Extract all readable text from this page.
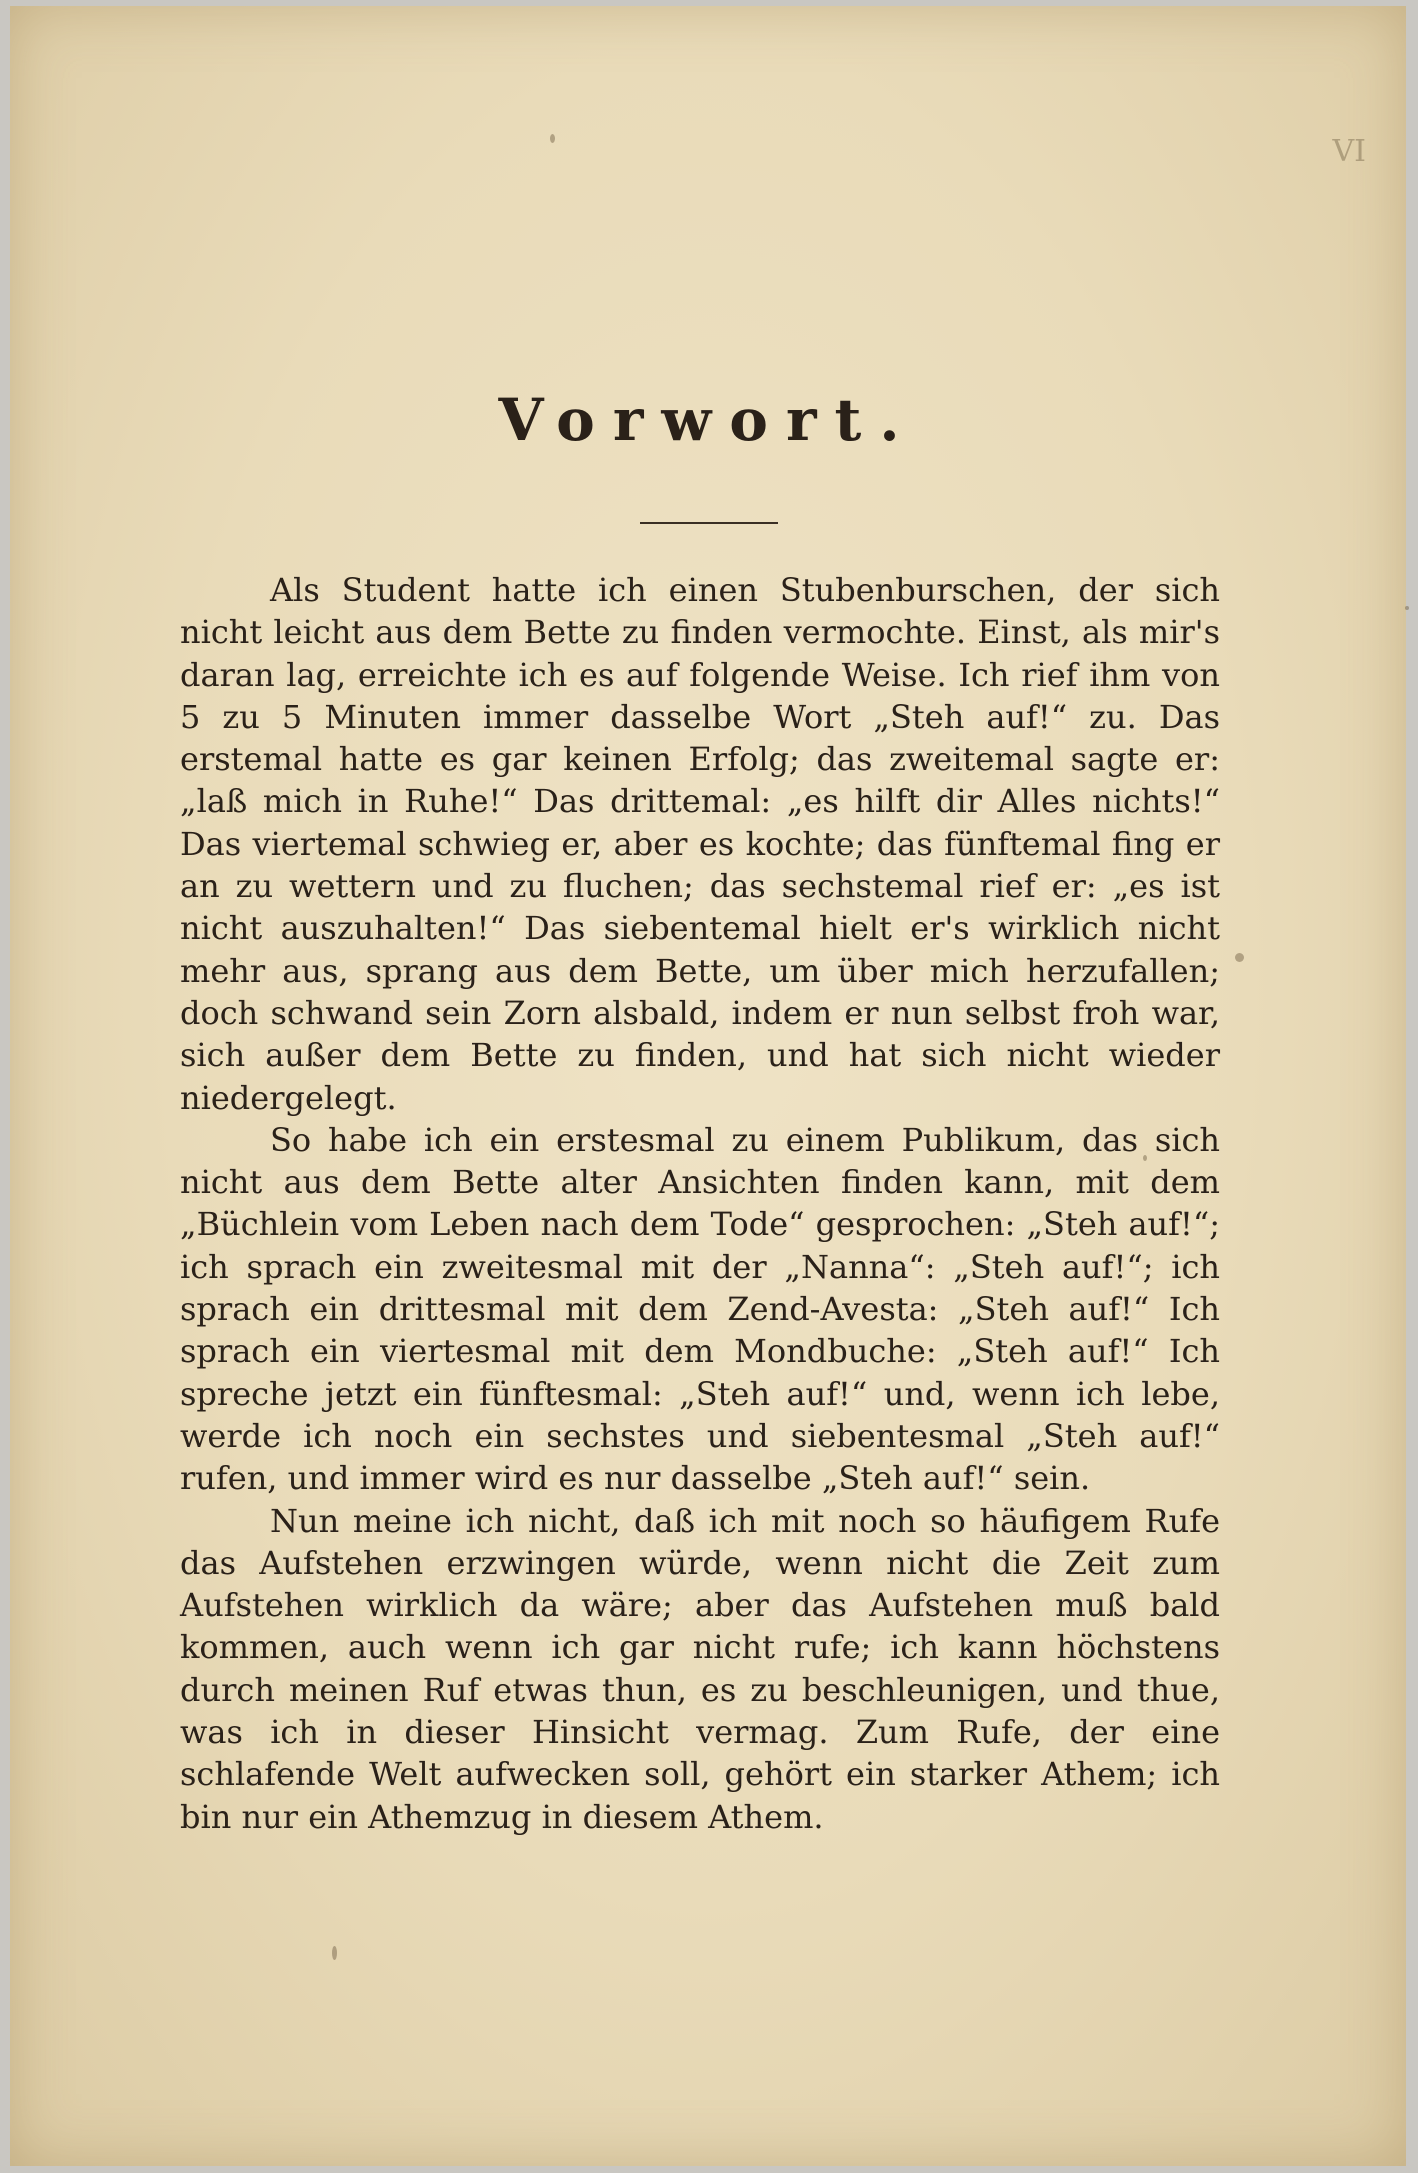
VI
Vorwort.

Als Student hatte ich einen Stubenburschen, der sich nicht leicht aus dem Bette zu finden vermochte. Einst, als mir's daran lag, erreichte ich es auf folgende Weise. Ich rief ihm von 5 zu 5 Minuten immer dasselbe Wort „Steh auf!“ zu. Das erstemal hatte es gar keinen Erfolg; das zweitemal sagte er: „laß mich in Ruhe!“ Das drittemal: „es hilft dir Alles nichts!“ Das viertemal schwieg er, aber es kochte; das fünftemal fing er an zu wettern und zu fluchen; das sechstemal rief er: „es ist nicht auszuhalten!“ Das siebentemal hielt er's wirklich nicht mehr aus, sprang aus dem Bette, um über mich herzufallen; doch schwand sein Zorn alsbald, indem er nun selbst froh war, sich außer dem Bette zu finden, und hat sich nicht wieder niedergelegt.

So habe ich ein erstesmal zu einem Publikum, das sich nicht aus dem Bette alter Ansichten finden kann, mit dem „Büchlein vom Leben nach dem Tode“ gesprochen: „Steh auf!“; ich sprach ein zweitesmal mit der „Nanna“: „Steh auf!“; ich sprach ein drittesmal mit dem Zend-Avesta: „Steh auf!“ Ich sprach ein viertesmal mit dem Mondbuche: „Steh auf!“ Ich spreche jetzt ein fünftesmal: „Steh auf!“ und, wenn ich lebe, werde ich noch ein sechstes und siebentesmal „Steh auf!“ rufen, und immer wird es nur dasselbe „Steh auf!“ sein.

Nun meine ich nicht, daß ich mit noch so häufigem Rufe das Aufstehen erzwingen würde, wenn nicht die Zeit zum Aufstehen wirklich da wäre; aber das Aufstehen muß bald kommen, auch wenn ich gar nicht rufe; ich kann höchstens durch meinen Ruf etwas thun, es zu beschleunigen, und thue, was ich in dieser Hinsicht vermag. Zum Rufe, der eine schlafende Welt aufwecken soll, gehört ein starker Athem; ich bin nur ein Athemzug in diesem Athem.
